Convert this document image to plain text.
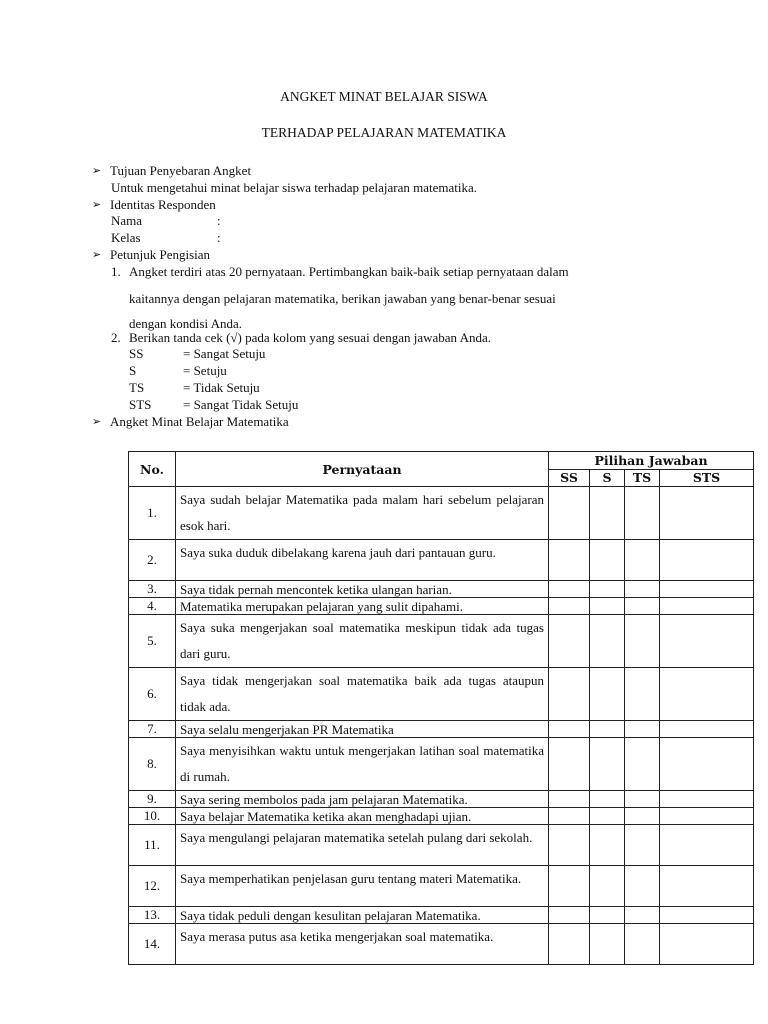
ANGKET MINAT BELAJAR SISWA
TERHADAP PELAJARAN MATEMATIKA
➢ Tujuan Penyebaran Angket
Untuk mengetahui minat belajar siswa terhadap pelajaran matematika.
➢ Identitas Responden
Nama	:
Kelas	:
➢ Petunjuk Pengisian
1. Angket terdiri atas 20 pernyataan. Pertimbangkan baik-baik setiap pernyataan dalam
kaitannya dengan pelajaran matematika, berikan jawaban yang benar-benar sesuai
dengan kondisi Anda.
2. Berikan tanda cek (√) pada kolom yang sesuai dengan jawaban Anda.
SS	= Sangat Setuju
S	= Setuju
TS	= Tidak Setuju
STS = Sangat Tidak Setuju
➢ Angket Minat Belajar Matematika
No.	Pernyataan	Pilihan Jawaban			
		SS	S	TS	STS
1.	Saya sudah belajar Matematika pada malam hari sebelum pelajaran esok hari.				
2.	Saya suka duduk dibelakang karena jauh dari pantauan guru.				
3.	Saya tidak pernah mencontek ketika ulangan harian.				
4.	Matematika merupakan pelajaran yang sulit dipahami.				
5.	Saya suka mengerjakan soal matematika meskipun tidak ada tugas dari guru.				
6.	Saya tidak mengerjakan soal matematika baik ada tugas ataupun tidak ada.				
7.	Saya selalu mengerjakan PR Matematika				
8.	Saya menyisihkan waktu untuk mengerjakan latihan soal matematika di rumah.				
9.	Saya sering membolos pada jam pelajaran Matematika.				
10.	Saya belajar Matematika ketika akan menghadapi ujian.				
11.	Saya mengulangi pelajaran matematika setelah pulang dari sekolah.				
12.	Saya memperhatikan penjelasan guru tentang materi Matematika.				
13.	Saya tidak peduli dengan kesulitan pelajaran Matematika.				
14.	Saya merasa putus asa ketika mengerjakan soal matematika.				
